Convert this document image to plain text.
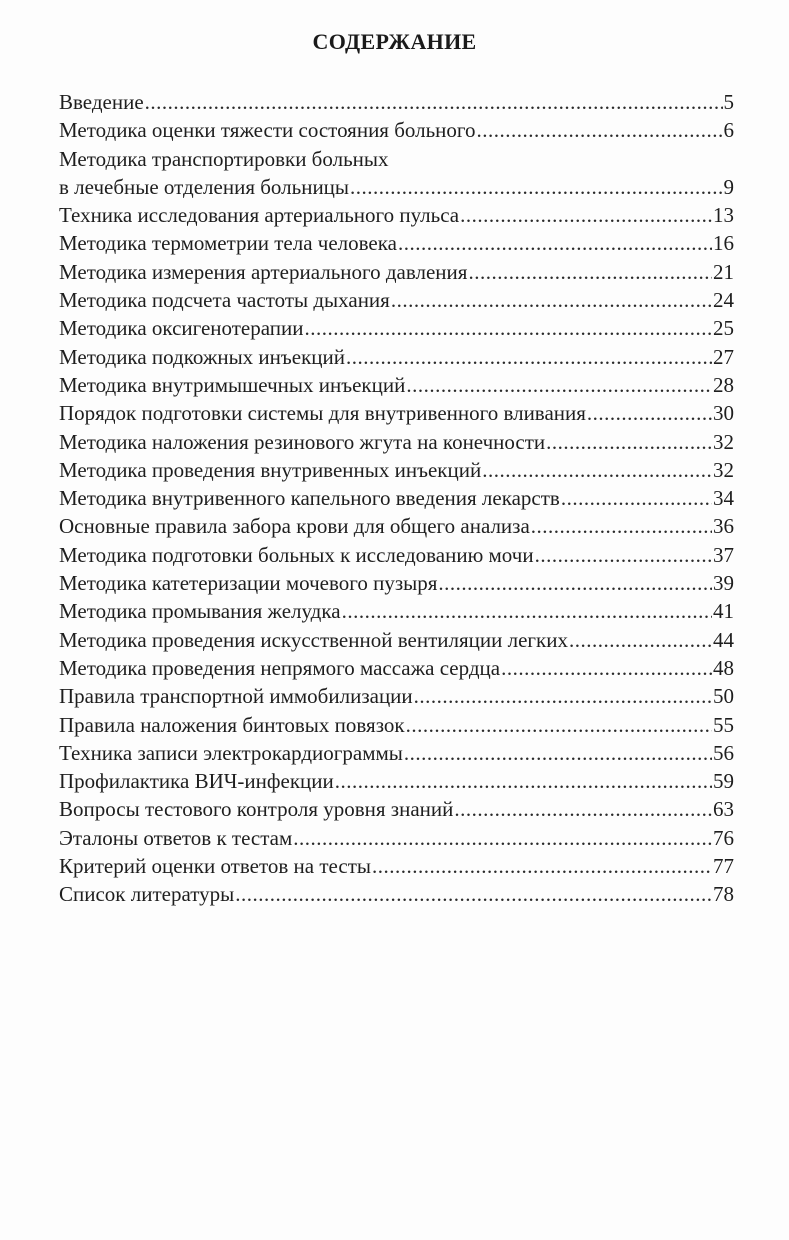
СОДЕРЖАНИЕ
Введение .....	5
Методика оценки тяжести состояния больного .....	6
Методика транспортировки больных
в лечебные отделения больницы .....	9
Техника исследования артериального пульса .....	13
Методика термометрии тела человека .....	16
Методика измерения артериального давления .....	21
Методика подсчета частоты дыхания .....	24
Методика оксигенотерапии .....	25
Методика подкожных инъекций .....	27
Методика внутримышечных инъекций .....	28
Порядок подготовки системы для внутривенного вливания .....	30
Методика наложения резинового жгута на конечности .....	32
Методика проведения внутривенных инъекций .....	32
Методика внутривенного капельного введения лекарств .....	34
Основные правила забора крови для общего анализа .....	36
Методика подготовки больных к исследованию мочи .....	37
Методика катетеризации мочевого пузыря .....	39
Методика промывания желудка .....	41
Методика проведения искусственной вентиляции легких .....	44
Методика проведения непрямого массажа сердца .....	48
Правила транспортной иммобилизации .....	50
Правила наложения бинтовых повязок .....	55
Техника записи электрокардиограммы .....	56
Профилактика ВИЧ-инфекции .....	59
Вопросы тестового контроля уровня знаний .....	63
Эталоны ответов к тестам .....	76
Критерий оценки ответов на тесты .....	77
Список литературы .....	78
